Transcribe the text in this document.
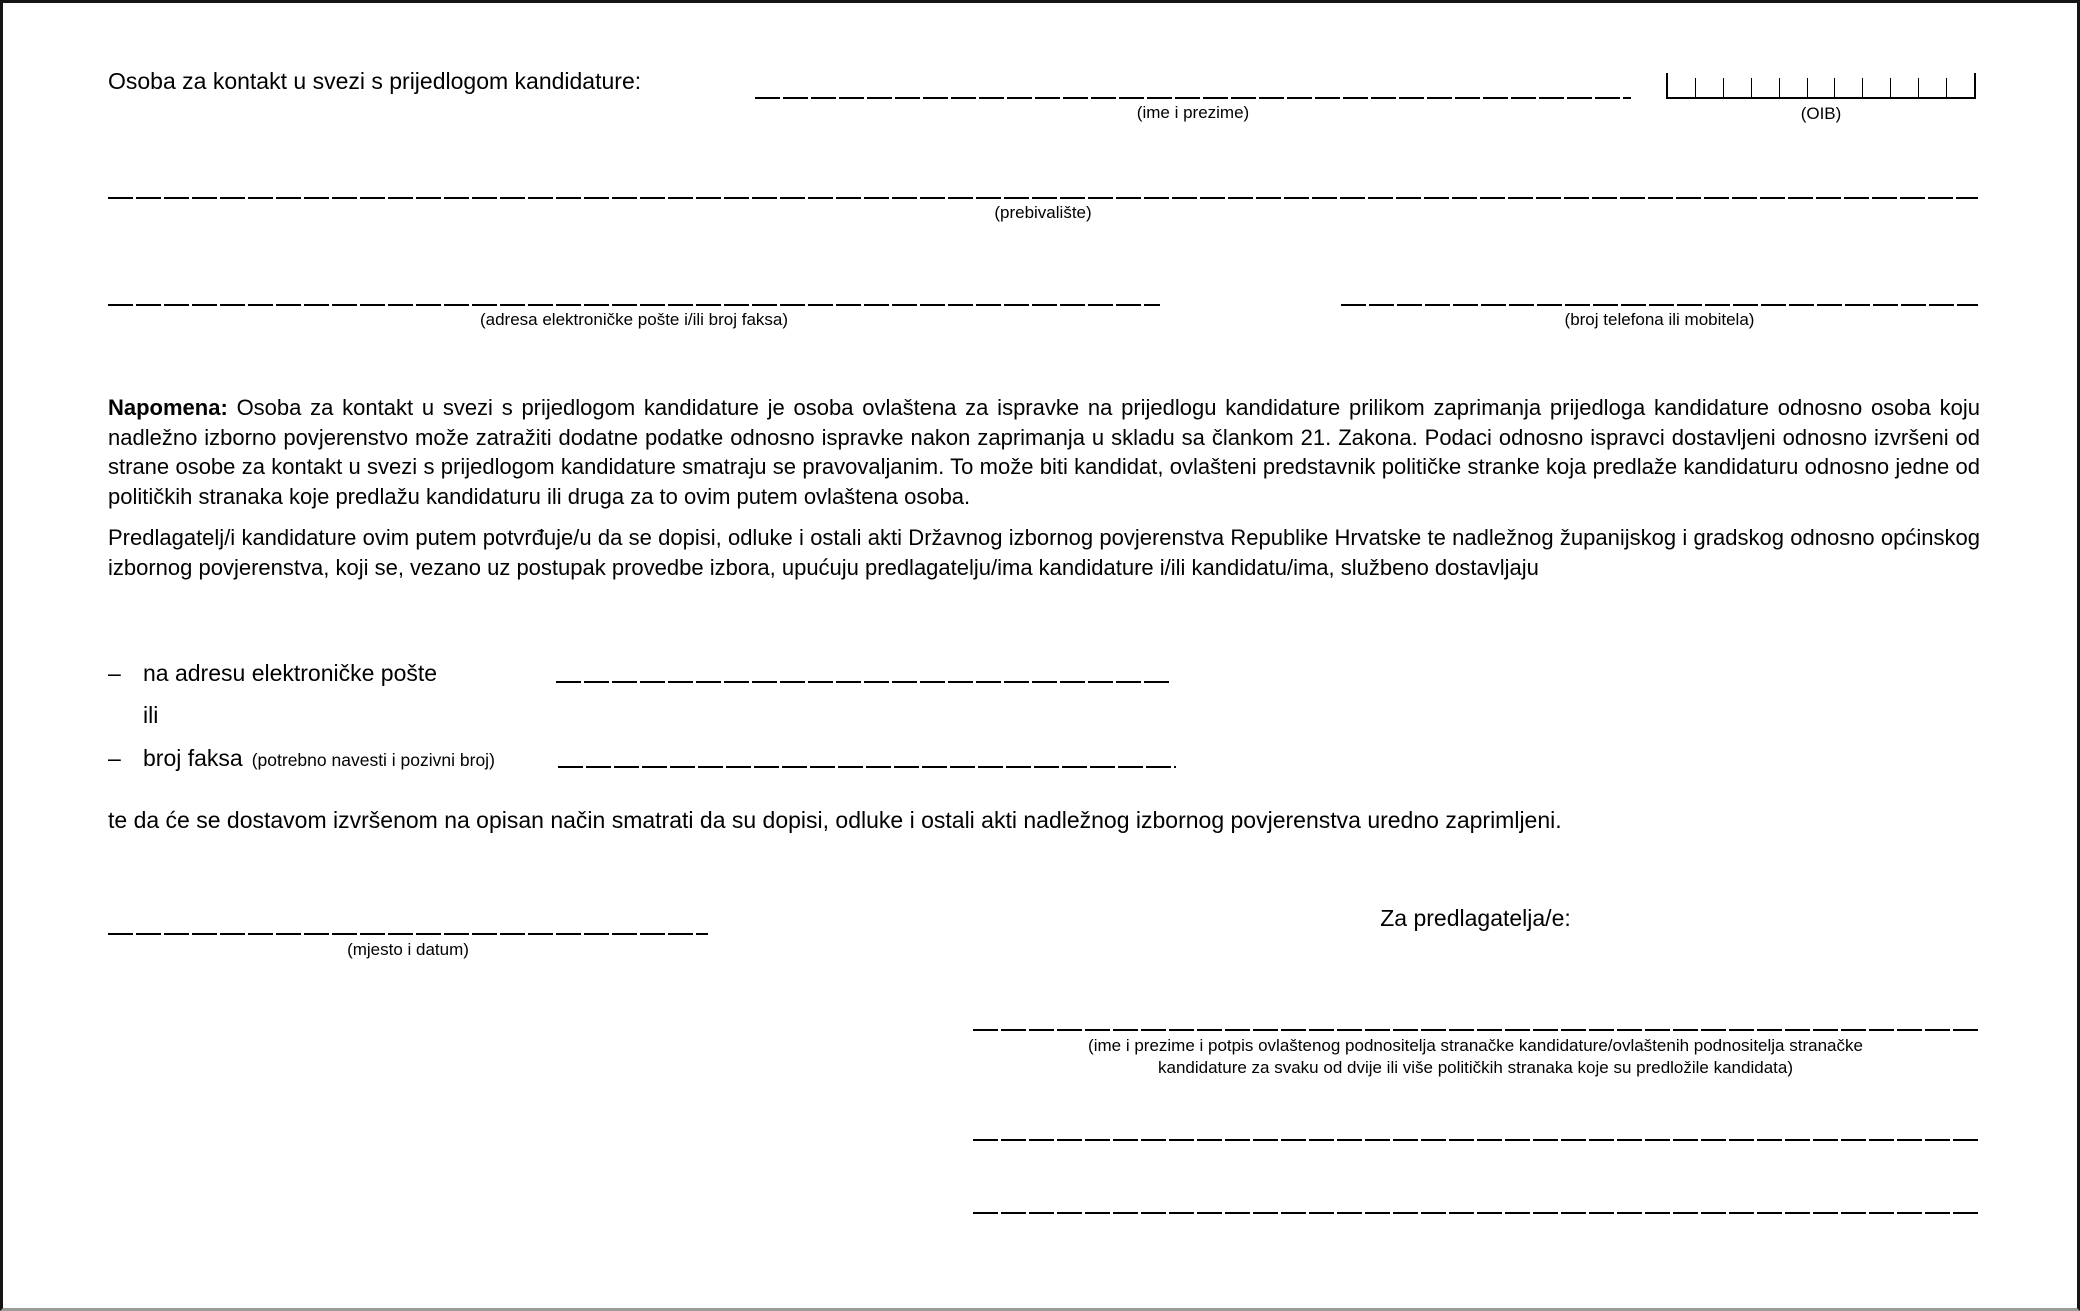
Osoba za kontakt u svezi s prijedlogom kandidature:
(ime i prezime)	(OIB)
(prebivalište)
(adresa elektroničke pošte i/ili broj faksa)	(broj telefona ili mobitela)
Napomena: Osoba za kontakt u svezi s prijedlogom kandidature je osoba ovlaštena za ispravke na prijedlogu kandidature prilikom zaprimanja prijedloga kandidature odnosno osoba koju nadležno izborno povjerenstvo može zatražiti dodatne podatke odnosno ispravke nakon zaprimanja u skladu sa člankom 21. Zakona. Podaci odnosno ispravci dostavljeni odnosno izvršeni od strane osobe za kontakt u svezi s prijedlogom kandidature smatraju se pravovaljanim. To može biti kandidat, ovlašteni predstavnik političke stranke koja predlaže kandidaturu odnosno jedne od političkih stranaka koje predlažu kandidaturu ili druga za to ovim putem ovlaštena osoba.
Predlagatelj/i kandidature ovim putem potvrđuje/u da se dopisi, odluke i ostali akti Državnog izbornog povjerenstva Republike Hrvatske te nadležnog županijskog i gradskog odnosno općinskog izbornog povjerenstva, koji se, vezano uz postupak provedbe izbora, upućuju predlagatelju/ima kandidature i/ili kandidatu/ima, službeno dostavljaju
– na adresu elektroničke pošte
ili
– broj faksa (potrebno navesti i pozivni broj)
te da će se dostavom izvršenom na opisan način smatrati da su dopisi, odluke i ostali akti nadležnog izbornog povjerenstva uredno zaprimljeni.
(mjesto i datum)
Za predlagatelja/e:
(ime i prezime i potpis ovlaštenog podnositelja stranačke kandidature/ovlaštenih podnositelja stranačke
kandidature za svaku od dvije ili više političkih stranaka koje su predložile kandidata)
